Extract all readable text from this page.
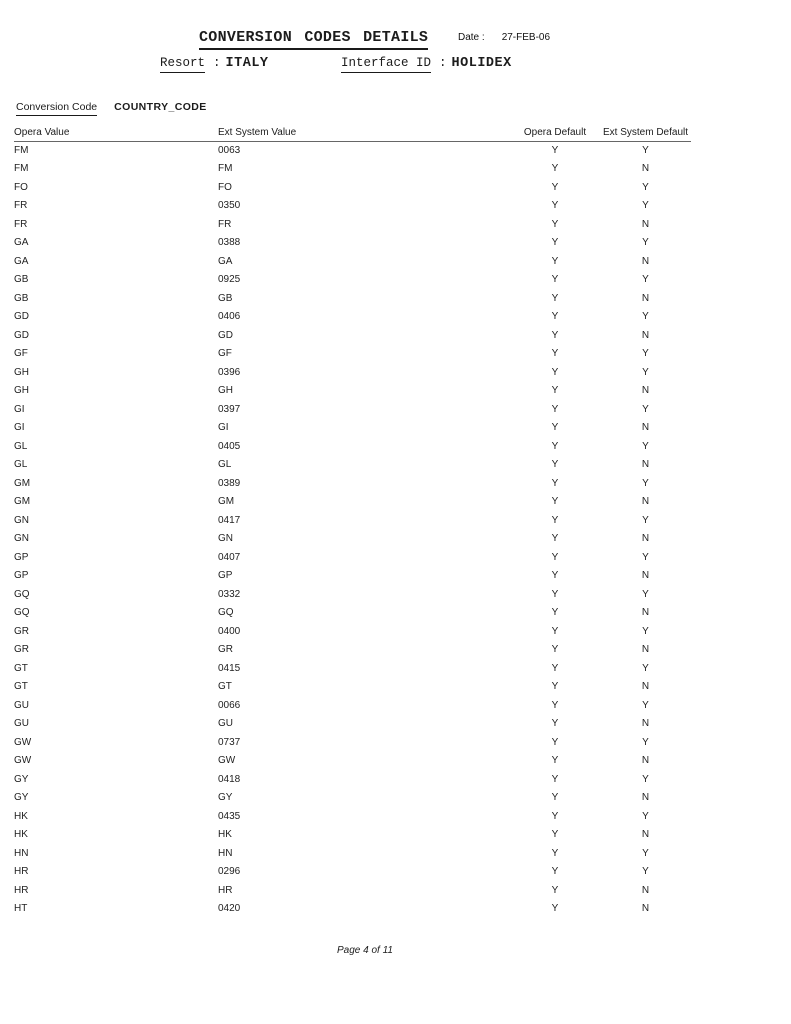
CONVERSION CODES DETAILS	Date : 27-FEB-06
Resort : ITALY	Interface ID : HOLIDEX
Conversion Code COUNTRY_CODE
Opera Value	Ext System Value	Opera Default	Ext System Default
FM	0063	Y	Y
FM	FM	Y	N
FO	FO	Y	Y
FR	0350	Y	Y
FR	FR	Y	N
GA	0388	Y	Y
GA	GA	Y	N
GB	0925	Y	Y
GB	GB	Y	N
GD	0406	Y	Y
GD	GD	Y	N
GF	GF	Y	Y
GH	0396	Y	Y
GH	GH	Y	N
GI	0397	Y	Y
GI	GI	Y	N
GL	0405	Y	Y
GL	GL	Y	N
GM	0389	Y	Y
GM	GM	Y	N
GN	0417	Y	Y
GN	GN	Y	N
GP	0407	Y	Y
GP	GP	Y	N
GQ	0332	Y	Y
GQ	GQ	Y	N
GR	0400	Y	Y
GR	GR	Y	N
GT	0415	Y	Y
GT	GT	Y	N
GU	0066	Y	Y
GU	GU	Y	N
GW	0737	Y	Y
GW	GW	Y	N
GY	0418	Y	Y
GY	GY	Y	N
HK	0435	Y	Y
HK	HK	Y	N
HN	HN	Y	Y
HR	0296	Y	Y
HR	HR	Y	N
HT	0420	Y	N
Page 4 of 11
